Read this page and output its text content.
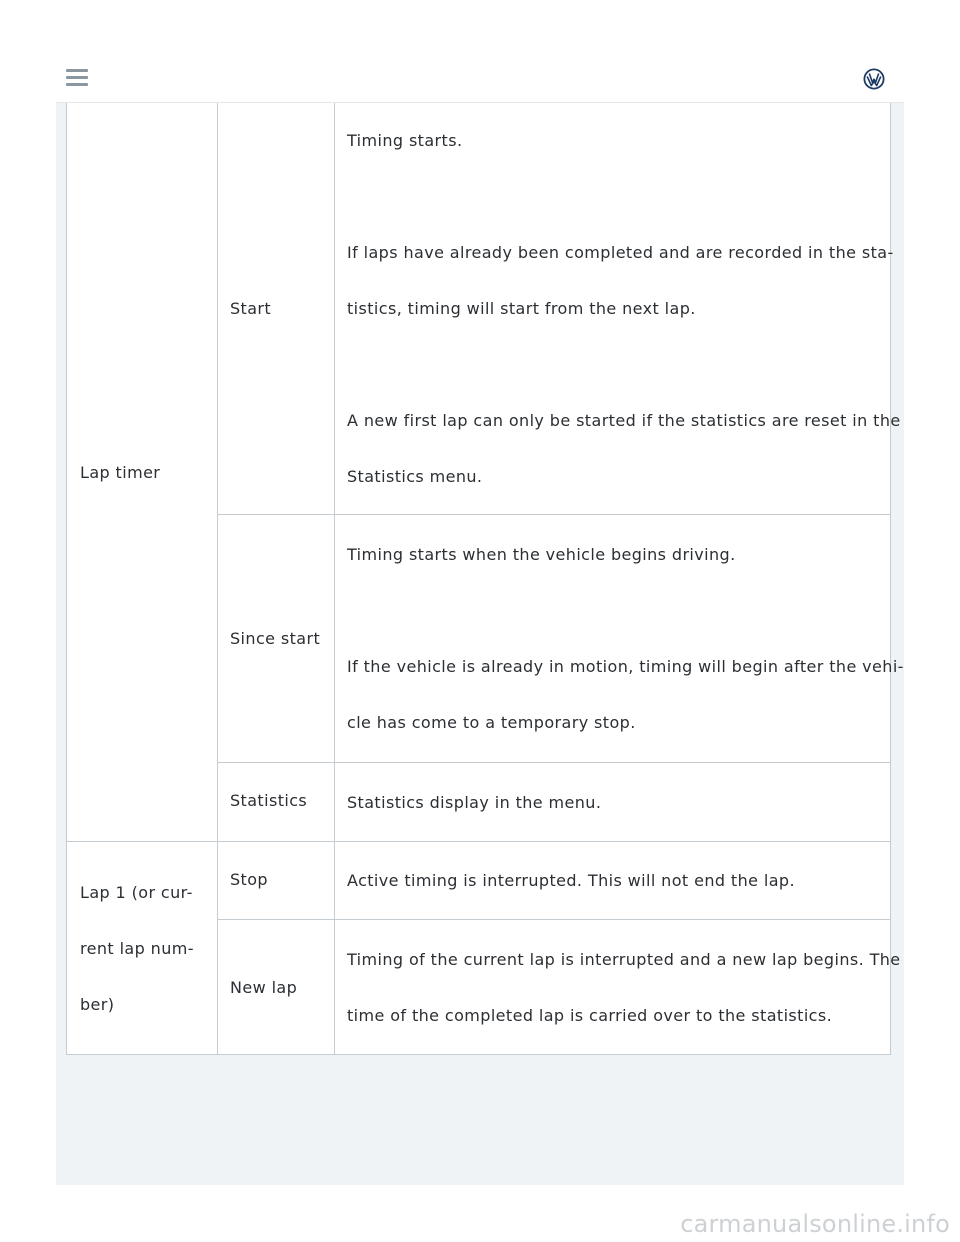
Lap timer
Start
Timing starts.
If laps have already been completed and are recorded in the sta-
tistics, timing will start from the next lap.
A new first lap can only be started if the statistics are reset in the
Statistics menu.
Since start
Timing starts when the vehicle begins driving.
If the vehicle is already in motion, timing will begin after the vehi-
cle has come to a temporary stop.
Statistics Statistics display in the menu.
Lap 1 (or cur-
rent lap num-
ber)
Stop	Active timing is interrupted. This will not end the lap.
New lap
Timing of the current lap is interrupted and a new lap begins. The
time of the completed lap is carried over to the statistics.
carmanualsonline.info
